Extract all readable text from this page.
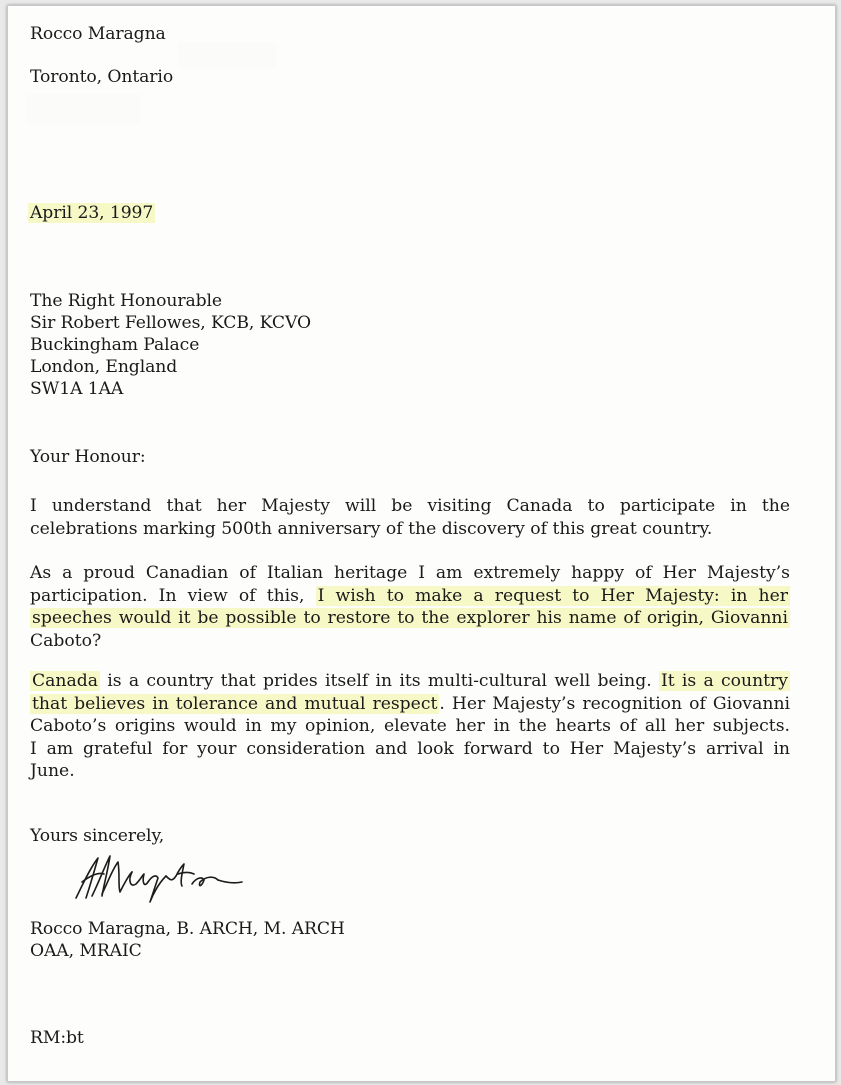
Rocco Maragna
Toronto, Ontario
April 23, 1997
The Right Honourable
Sir Robert Fellowes, KCB, KCVO
Buckingham Palace
London, England
SW1A 1AA
Your Honour:
I understand that her Majesty will be visiting Canada to participate in the
celebrations marking 500th anniversary of the discovery of this great country.
As a proud Canadian of Italian heritage I am extremely happy of Her Majesty’s
participation. In view of this, I wish to make a request to Her Majesty: in her
speeches would it be possible to restore to the explorer his name of origin, Giovanni
Caboto?
Canada is a country that prides itself in its multi-cultural well being. It is a country
that believes in tolerance and mutual respect . Her Majesty’s recognition of Giovanni
Caboto’s origins would in my opinion, elevate her in the hearts of all her subjects.
I am grateful for your consideration and look forward to Her Majesty’s arrival in
June.
Yours sincerely,
Rocco Maragna, B. ARCH, M. ARCH
OAA, MRAIC
RM:bt
